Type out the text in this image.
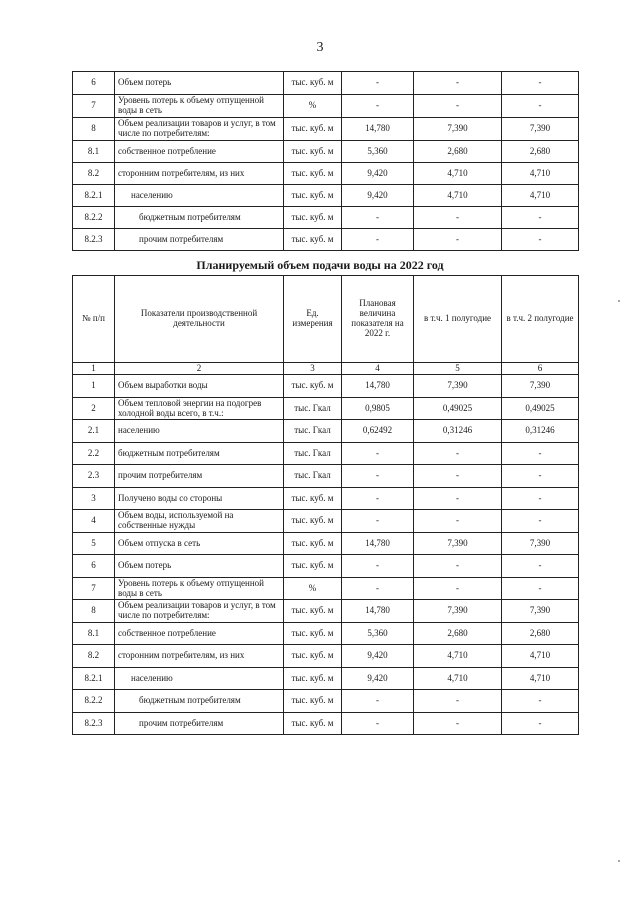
3
6	Объем потерь	тыс. куб. м	-	-	-
7	Уровень потерь к объему отпущенной воды в сеть	%	-	-	-
8	Объем реализации товаров и услуг, в том числе по потребителям:	тыс. куб. м	14,780	7,390	7,390
8.1	собственное потребление	тыс. куб. м	5,360	2,680	2,680
8.2	сторонним потребителям, из них	тыс. куб. м	9,420	4,710	4,710
8.2.1	населению	тыс. куб. м	9,420	4,710	4,710
8.2.2	бюджетным потребителям	тыс. куб. м	-	-	-
8.2.3	прочим потребителям	тыс. куб. м	-	-	-
Планируемый объем подачи воды на 2022 год
№ п/п	Показатели производственной деятельности	Ед. измерения	Плановая величина показателя на 2022 г.	в т.ч. 1 полугодие	в т.ч. 2 полугодие
1	2	3	4	5	6
1	Объем выработки воды	тыс. куб. м	14,780	7,390	7,390
2	Объем тепловой энергии на подогрев холодной воды всего, в т.ч.:	тыс. Гкал	0,9805	0,49025	0,49025
2.1	населению	тыс. Гкал	0,62492	0,31246	0,31246
2.2	бюджетным потребителям	тыс. Гкал	-	-	-
2.3	прочим потребителям	тыс. Гкал	-	-	-
3	Получено воды со стороны	тыс. куб. м	-	-	-
4	Объем воды, используемой на собственные нужды	тыс. куб. м	-	-	-
5	Объем отпуска в сеть	тыс. куб. м	14,780	7,390	7,390
6	Объем потерь	тыс. куб. м	-	-	-
7	Уровень потерь к объему отпущенной воды в сеть	%	-	-	-
8	Объем реализации товаров и услуг, в том числе по потребителям:	тыс. куб. м	14,780	7,390	7,390
8.1	собственное потребление	тыс. куб. м	5,360	2,680	2,680
8.2	сторонним потребителям, из них	тыс. куб. м	9,420	4,710	4,710
8.2.1	населению	тыс. куб. м	9,420	4,710	4,710
8.2.2	бюджетным потребителям	тыс. куб. м	-	-	-
8.2.3	прочим потребителям	тыс. куб. м	-	-	-
